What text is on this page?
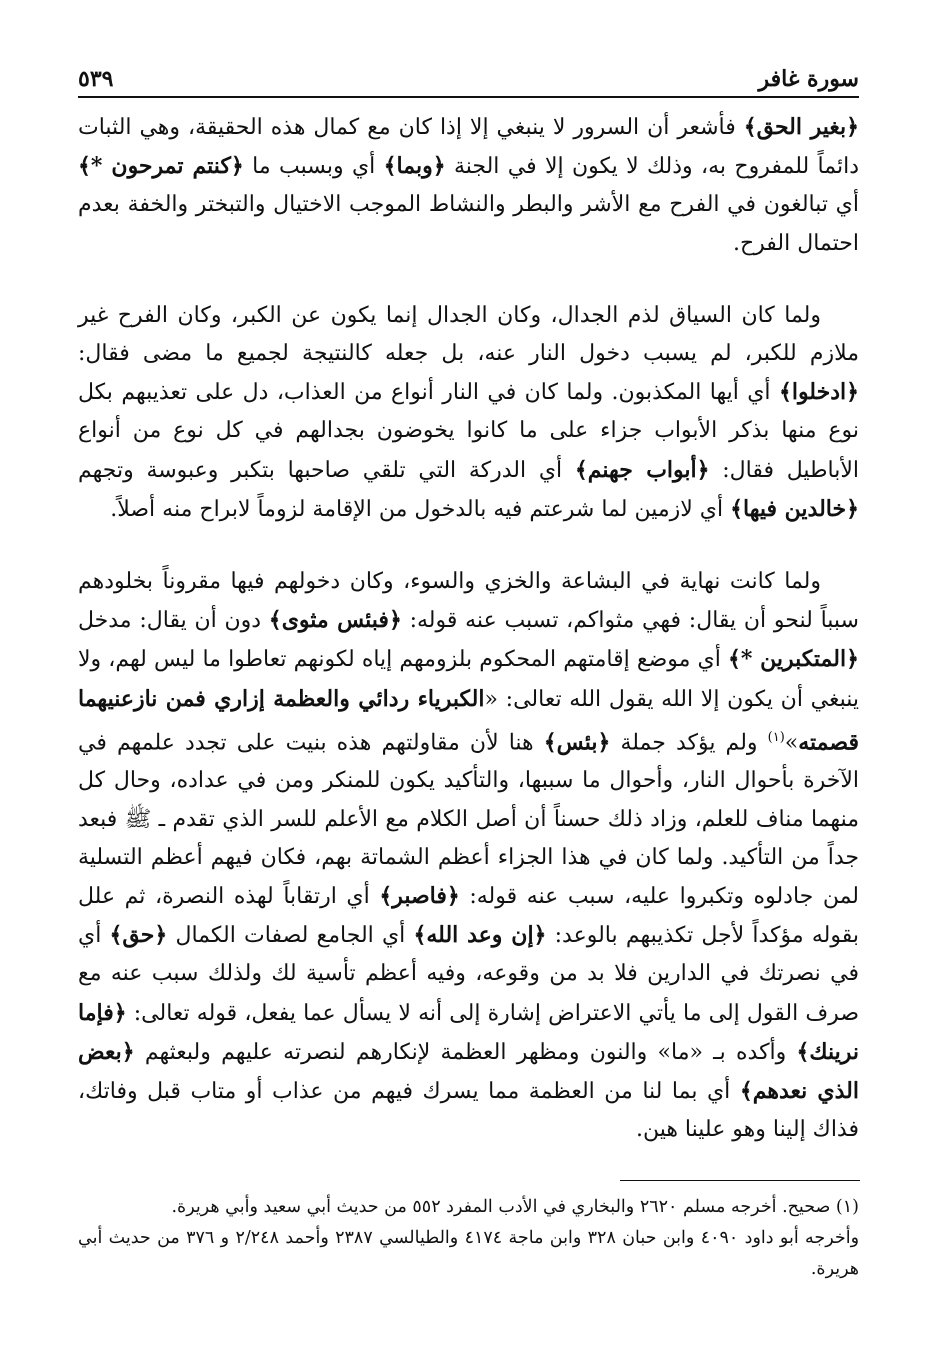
سورة غافر
٥٣٩

﴿بغير الحق﴾ فأشعر أن السرور لا ينبغي إلا إذا كان مع كمال هذه الحقيقة، وهي الثبات دائماً للمفروح به، وذلك لا يكون إلا في الجنة ﴿وبما﴾ أي وبسبب ما ﴿كنتم تمرحون *﴾ أي تبالغون في الفرح مع الأشر والبطر والنشاط الموجب الاختيال والتبختر والخفة بعدم احتمال الفرح.

ولما كان السياق لذم الجدال، وكان الجدال إنما يكون عن الكبر، وكان الفرح غير ملازم للكبر، لم يسبب دخول النار عنه، بل جعله كالنتيجة لجميع ما مضى فقال: ﴿ادخلوا﴾ أي أيها المكذبون. ولما كان في النار أنواع من العذاب، دل على تعذيبهم بكل نوع منها بذكر الأبواب جزاء على ما كانوا يخوضون بجدالهم في كل نوع من أنواع الأباطيل فقال: ﴿أبواب جهنم﴾ أي الدركة التي تلقي صاحبها بتكبر وعبوسة وتجهم ﴿خالدين فيها﴾ أي لازمين لما شرعتم فيه بالدخول من الإقامة لزوماً لابراح منه أصلاً.

ولما كانت نهاية في البشاعة والخزي والسوء، وكان دخولهم فيها مقروناً بخلودهم سبباً لنحو أن يقال: فهي مثواكم، تسبب عنه قوله: ﴿فبئس مثوى﴾ دون أن يقال: مدخل ﴿المتكبرين *﴾ أي موضع إقامتهم المحكوم بلزومهم إياه لكونهم تعاطوا ما ليس لهم، ولا ينبغي أن يكون إلا الله يقول الله تعالى: «الكبرياء ردائي والعظمة إزاري فمن نازعنيهما قصمته»$^{(١)}$ ولم يؤكد جملة ﴿بئس﴾ هنا لأن مقاولتهم هذه بنيت على تجدد علمهم في الآخرة بأحوال النار، وأحوال ما سببها، والتأكيد يكون للمنكر ومن في عداده، وحال كل منهما مناف للعلم، وزاد ذلك حسناً أن أصل الكلام مع الأعلم للسر الذي تقدم ـ ﷺ فبعد جداً من التأكيد. ولما كان في هذا الجزاء أعظم الشماتة بهم، فكان فيهم أعظم التسلية لمن جادلوه وتكبروا عليه، سبب عنه قوله: ﴿فاصبر﴾ أي ارتقاباً لهذه النصرة، ثم علل بقوله مؤكداً لأجل تكذيبهم بالوعد: ﴿إن وعد الله﴾ أي الجامع لصفات الكمال ﴿حق﴾ أي في نصرتك في الدارين فلا بد من وقوعه، وفيه أعظم تأسية لك ولذلك سبب عنه مع صرف القول إلى ما يأتي الاعتراض إشارة إلى أنه لا يسأل عما يفعل، قوله تعالى: ﴿فإما نرينك﴾ وأكده بـ «ما» والنون ومظهر العظمة لإنكارهم لنصرته عليهم ولبعثهم ﴿بعض الذي نعدهم﴾ أي بما لنا من العظمة مما يسرك فيهم من عذاب أو متاب قبل وفاتك، فذاك إلينا وهو علينا هين.

(١) صحيح. أخرجه مسلم ٢٦٢٠ والبخاري في الأدب المفرد ٥٥٢ من حديث أبي سعيد وأبي هريرة.

وأخرجه أبو داود ٤٠٩٠ وابن حبان ٣٢٨ وابن ماجة ٤١٧٤ والطيالسي ٢٣٨٧ وأحمد ٢/٢٤٨ و ٣٧٦ من حديث أبي هريرة.
